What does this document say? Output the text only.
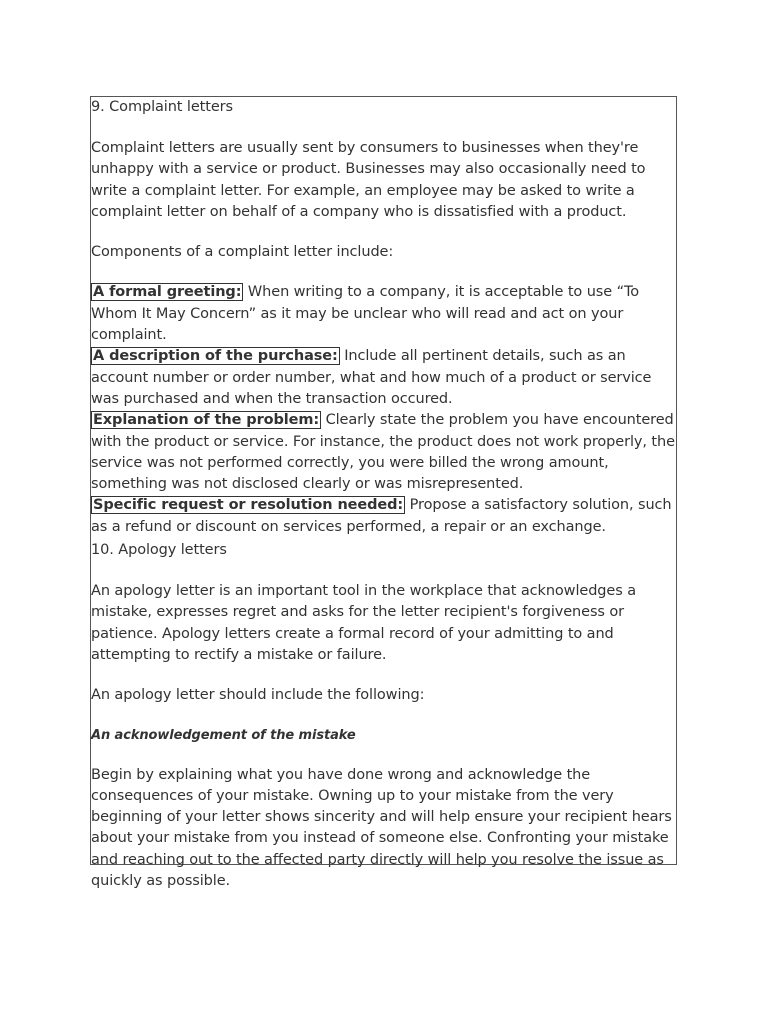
9. Complaint letters

Complaint letters are usually sent by consumers to businesses when they're unhappy with a service or product. Businesses may also occasionally need to write a complaint letter. For example, an employee may be asked to write a complaint letter on behalf of a company who is dissatisfied with a product.

Components of a complaint letter include:

A formal greeting: When writing to a company, it is acceptable to use “To Whom It May Concern” as it may be unclear who will read and act on your complaint.

A description of the purchase: Include all pertinent details, such as an account number or order number, what and how much of a product or service was purchased and when the transaction occured.

Explanation of the problem: Clearly state the problem you have encountered with the product or service. For instance, the product does not work properly, the service was not performed correctly, you were billed the wrong amount, something was not disclosed clearly or was misrepresented.

Specific request or resolution needed: Propose a satisfactory solution, such as a refund or discount on services performed, a repair or an exchange.

10. Apology letters

An apology letter is an important tool in the workplace that acknowledges a mistake, expresses regret and asks for the letter recipient's forgiveness or patience. Apology letters create a formal record of your admitting to and attempting to rectify a mistake or failure.

An apology letter should include the following:

An acknowledgement of the mistake

Begin by explaining what you have done wrong and acknowledge the consequences of your mistake. Owning up to your mistake from the very beginning of your letter shows sincerity and will help ensure your recipient hears about your mistake from you instead of someone else. Confronting your mistake and reaching out to the affected party directly will help you resolve the issue as quickly as possible.
